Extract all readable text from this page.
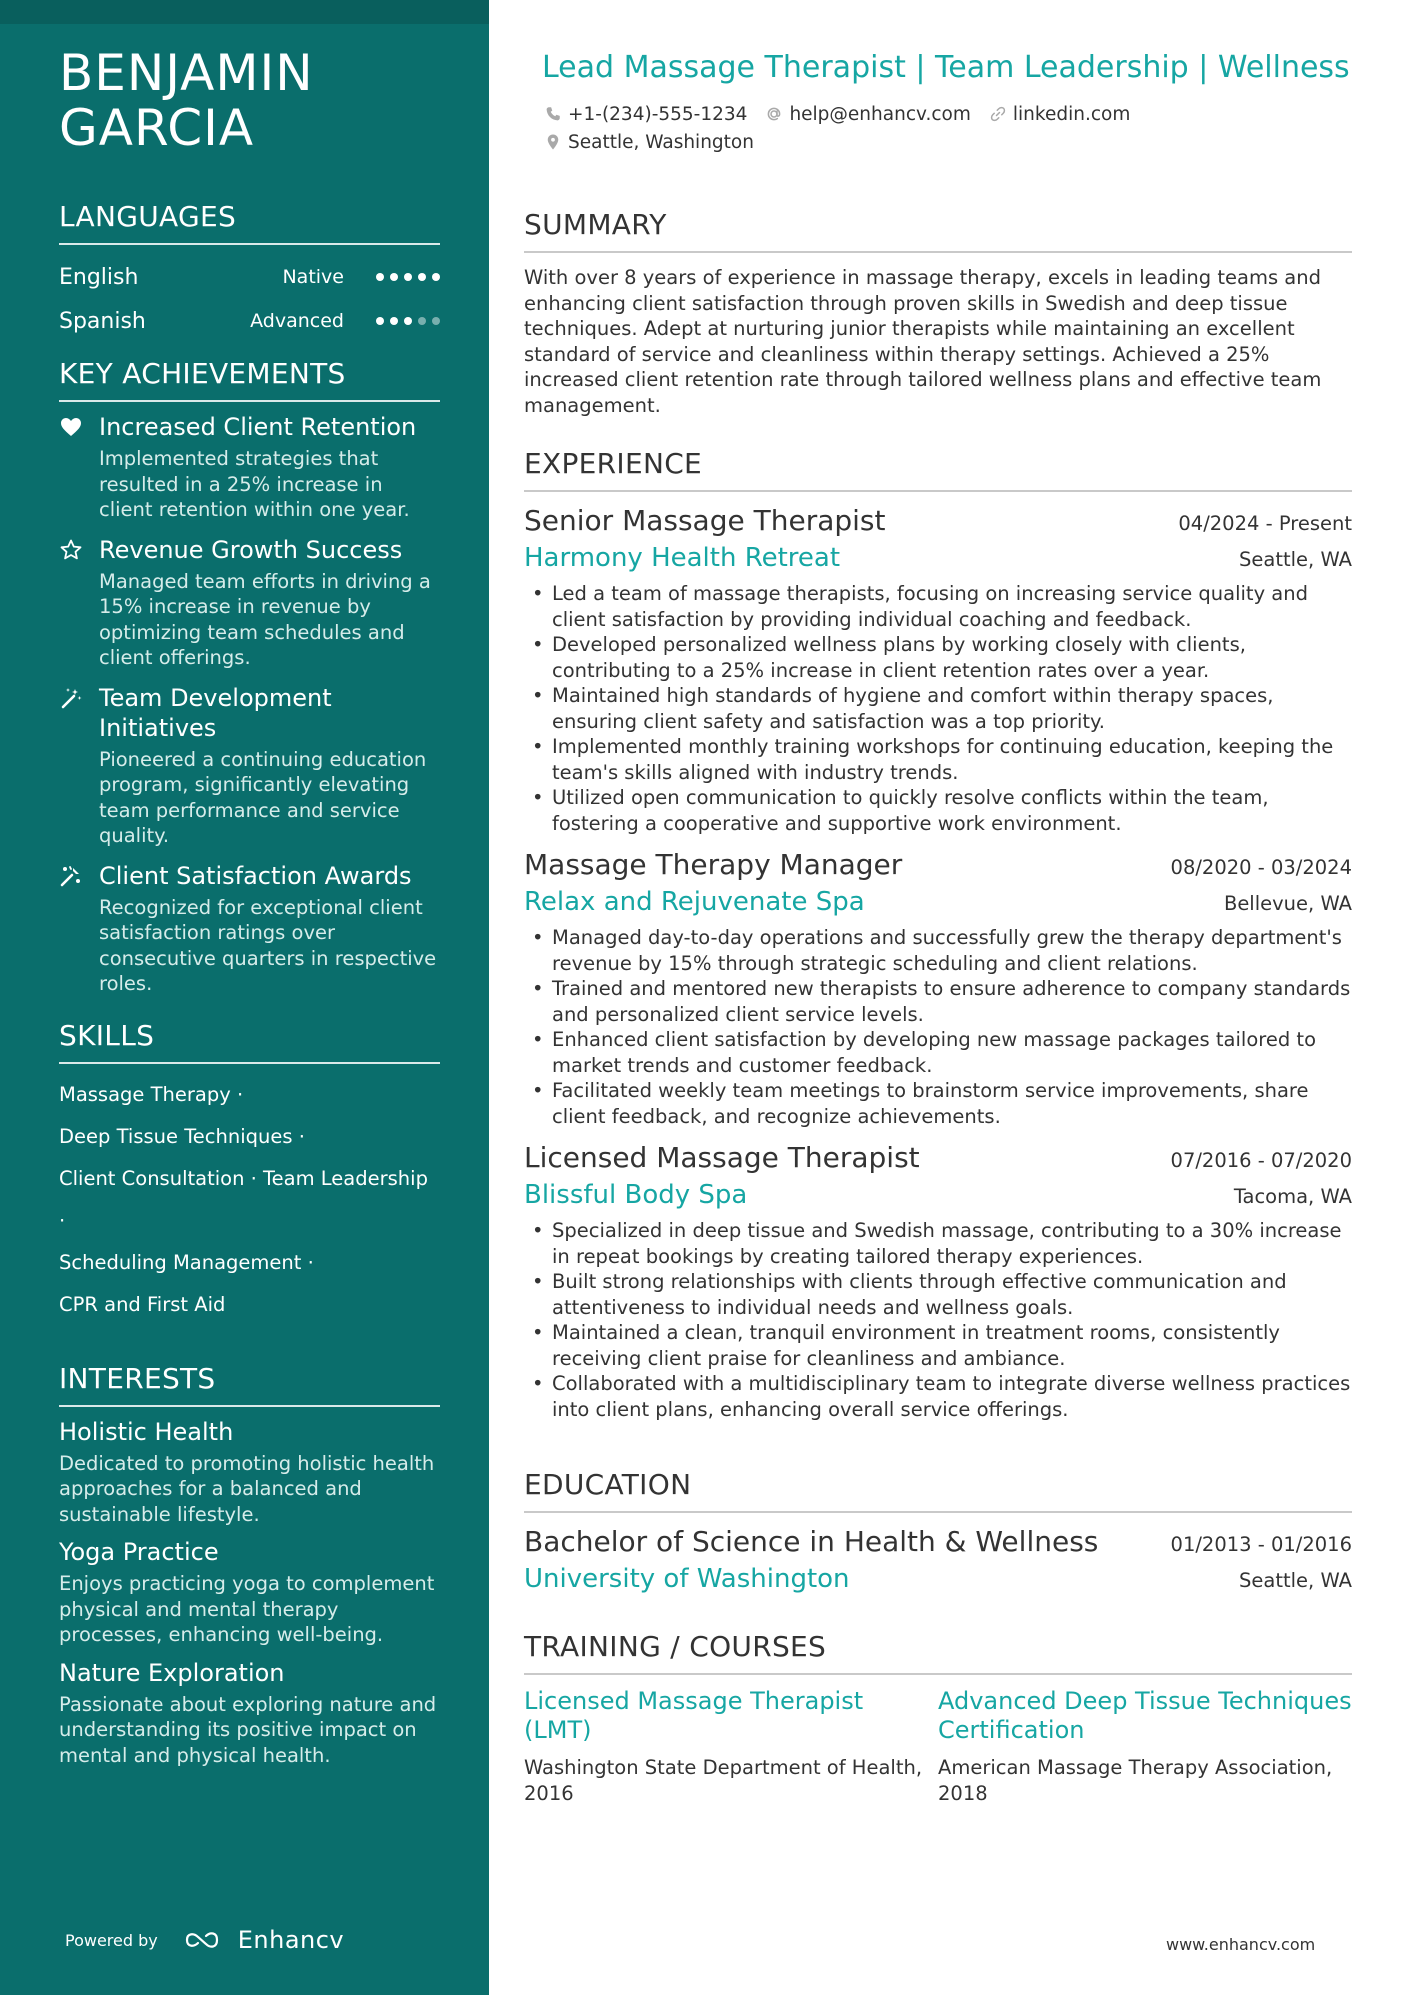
BENJAMIN
GARCIA
LANGUAGES
English	Native
Spanish	Advanced
KEY ACHIEVEMENTS
Increased Client Retention
Implemented strategies that resulted in a 25% increase in client retention within one year.
Revenue Growth Success
Managed team efforts in driving a 15% increase in revenue by optimizing team schedules and client offerings.
Team Development Initiatives
Pioneered a continuing education program, significantly elevating team performance and service quality.
Client Satisfaction Awards
Recognized for exceptional client satisfaction ratings over consecutive quarters in respective roles.
SKILLS
Massage Therapy ·
Deep Tissue Techniques ·
Client Consultation · Team Leadership ·
Scheduling Management ·
CPR and First Aid
INTERESTS
Holistic Health
Dedicated to promoting holistic health approaches for a balanced and sustainable lifestyle.
Yoga Practice
Enjoys practicing yoga to complement physical and mental therapy processes, enhancing well-being.
Nature Exploration
Passionate about exploring nature and understanding its positive impact on mental and physical health.
Powered by	Enhancv
Lead Massage Therapist | Team Leadership | Wellness
+1-(234)-555-1234 help@enhancv.com linkedin.com
Seattle, Washington
SUMMARY
With over 8 years of experience in massage therapy, excels in leading teams and enhancing client satisfaction through proven skills in Swedish and deep tissue techniques. Adept at nurturing junior therapists while maintaining an excellent standard of service and cleanliness within therapy settings. Achieved a 25% increased client retention rate through tailored wellness plans and effective team management.
EXPERIENCE
Senior Massage Therapist	04/2024 - Present
Harmony Health Retreat	Seattle, WA
• Led a team of massage therapists, focusing on increasing service quality and client satisfaction by providing individual coaching and feedback.
• Developed personalized wellness plans by working closely with clients, contributing to a 25% increase in client retention rates over a year.
• Maintained high standards of hygiene and comfort within therapy spaces, ensuring client safety and satisfaction was a top priority.
• Implemented monthly training workshops for continuing education, keeping the team's skills aligned with industry trends.
• Utilized open communication to quickly resolve conflicts within the team, fostering a cooperative and supportive work environment.
Massage Therapy Manager	08/2020 - 03/2024
Relax and Rejuvenate Spa	Bellevue, WA
• Managed day-to-day operations and successfully grew the therapy department's revenue by 15% through strategic scheduling and client relations.
• Trained and mentored new therapists to ensure adherence to company standards and personalized client service levels.
• Enhanced client satisfaction by developing new massage packages tailored to market trends and customer feedback.
• Facilitated weekly team meetings to brainstorm service improvements, share client feedback, and recognize achievements.
Licensed Massage Therapist	07/2016 - 07/2020
Blissful Body Spa	Tacoma, WA
• Specialized in deep tissue and Swedish massage, contributing to a 30% increase in repeat bookings by creating tailored therapy experiences.
• Built strong relationships with clients through effective communication and attentiveness to individual needs and wellness goals.
• Maintained a clean, tranquil environment in treatment rooms, consistently receiving client praise for cleanliness and ambiance.
• Collaborated with a multidisciplinary team to integrate diverse wellness practices into client plans, enhancing overall service offerings.
EDUCATION
Bachelor of Science in Health & Wellness	01/2013 - 01/2016
University of Washington	Seattle, WA
TRAINING / COURSES
Licensed Massage Therapist (LMT)
Washington State Department of Health, 2016
Advanced Deep Tissue Techniques Certification
American Massage Therapy Association, 2018
www.enhancv.com
